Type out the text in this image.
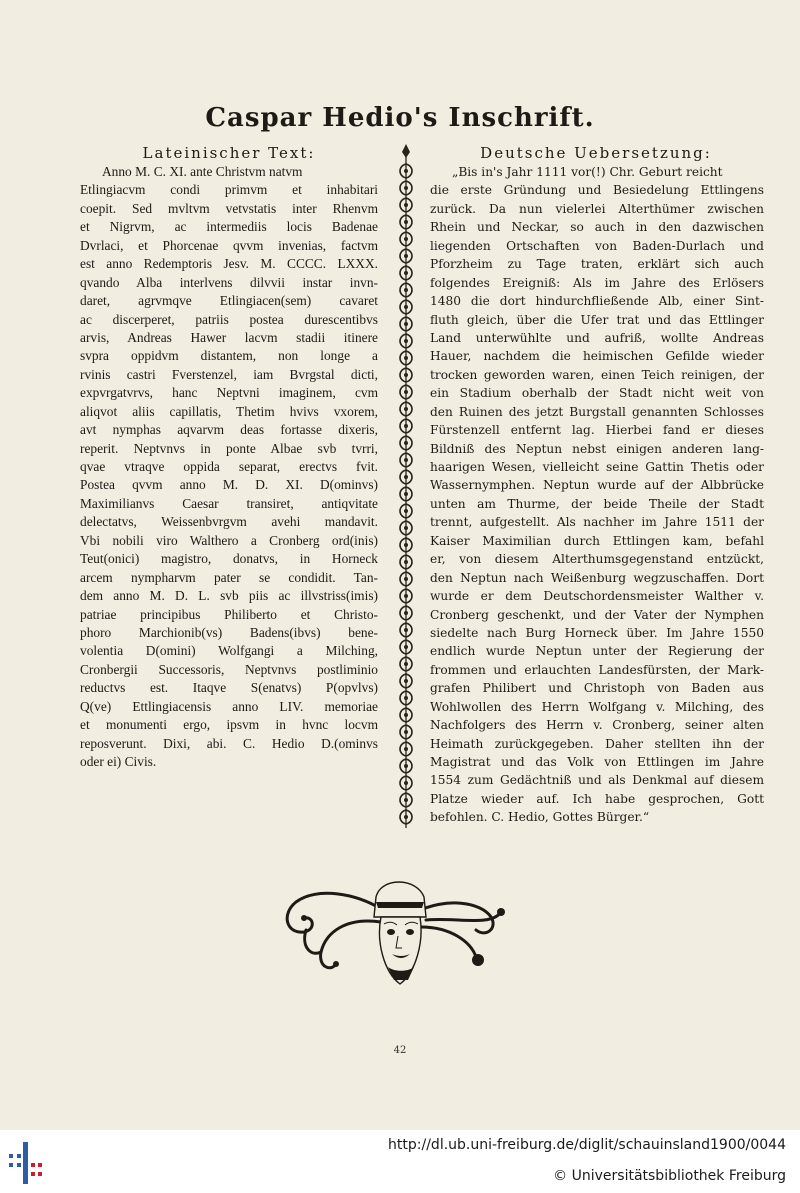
Caspar Hedio's Inschrift.
Lateinischer Text:	Deutsche Uebersetzung:
Anno M. C. XI. ante Christvm natvm
Etlingiacvm condi primvm et inhabitari
coepit. Sed mvltvm vetvstatis inter Rhenvm
et Nigrvm, ac intermediis locis Badenae
Dvrlaci, et Phorcenae qvvm invenias, factvm
est anno Redemptoris Jesv. M. CCCC. LXXX.
qvando Alba interlvens dilvvii instar invn-
daret, agrvmqve Etlingiacen(sem) cavaret
ac discerperet, patriis postea durescentibvs
arvis, Andreas Hawer lacvm stadii itinere
svpra oppidvm distantem, non longe a
rvinis castri Fverstenzel, iam Bvrgstal dicti,
expvrgatvrvs, hanc Neptvni imaginem, cvm
aliqvot aliis capillatis, Thetim hvivs vxorem,
avt nymphas aqvarvm deas fortasse dixeris,
reperit. Neptvnvs in ponte Albae svb tvrri,
qvae vtraqve oppida separat, erectvs fvit.
Postea qvvm anno M. D. XI. D(ominvs)
Maximilianvs Caesar transiret, antiqvitate
delectatvs, Weissenbvrgvm avehi mandavit.
Vbi nobili viro Walthero a Cronberg ord(inis)
Teut(onici) magistro, donatvs, in Horneck
arcem nympharvm pater se condidit. Tan-
dem anno M. D. L. svb piis ac illvstriss(imis)
patriae principibus Philiberto et Christo-
phoro Marchionib(vs) Badens(ibvs) bene-
volentia D(omini) Wolfgangi a Milching,
Cronbergii Successoris, Neptvnvs postliminio
reductvs est. Itaqve S(enatvs) P(opvlvs)
Q(ve) Ettlingiacensis anno LIV. memoriae
et monumenti ergo, ipsvm in hvnc locvm
reposverunt. Dixi, abi. C. Hedio D.(ominvs
oder ei) Civis.
„Bis in's Jahr 1111 vor(!) Chr. Geburt reicht
die erste Gründung und Besiedelung Ettlingens
zurück. Da nun vielerlei Alterthümer zwischen
Rhein und Neckar, so auch in den dazwischen
liegenden Ortschaften von Baden-Durlach und
Pforzheim zu Tage traten, erklärt sich auch
folgendes Ereigniß: Als im Jahre des Erlösers
1480 die dort hindurchfließende Alb, einer Sint-
fluth gleich, über die Ufer trat und das Ettlinger
Land unterwühlte und aufriß, wollte Andreas
Hauer, nachdem die heimischen Gefilde wieder
trocken geworden waren, einen Teich reinigen, der
ein Stadium oberhalb der Stadt nicht weit von
den Ruinen des jetzt Burgstall genannten Schlosses
Fürstenzell entfernt lag. Hierbei fand er dieses
Bildniß des Neptun nebst einigen anderen lang-
haarigen Wesen, vielleicht seine Gattin Thetis oder
Wassernymphen. Neptun wurde auf der Albbrücke
unten am Thurme, der beide Theile der Stadt
trennt, aufgestellt. Als nachher im Jahre 1511 der
Kaiser Maximilian durch Ettlingen kam, befahl
er, von diesem Alterthumsgegenstand entzückt,
den Neptun nach Weißenburg wegzuschaffen. Dort
wurde er dem Deutschordensmeister Walther v.
Cronberg geschenkt, und der Vater der Nymphen
siedelte nach Burg Horneck über. Im Jahre 1550
endlich wurde Neptun unter der Regierung der
frommen und erlauchten Landesfürsten, der Mark-
grafen Philibert und Christoph von Baden aus
Wohlwollen des Herrn Wolfgang v. Milching, des
Nachfolgers des Herrn v. Cronberg, seiner alten
Heimath zurückgegeben. Daher stellten ihn der
Magistrat und das Volk von Ettlingen im Jahre
1554 zum Gedächtniß und als Denkmal auf diesem
Platze wieder auf. Ich habe gesprochen, Gott
befohlen. C. Hedio, Gottes Bürger.“
42
http://dl.ub.uni-freiburg.de/diglit/schauinsland1900/0044
© Universitätsbibliothek Freiburg
